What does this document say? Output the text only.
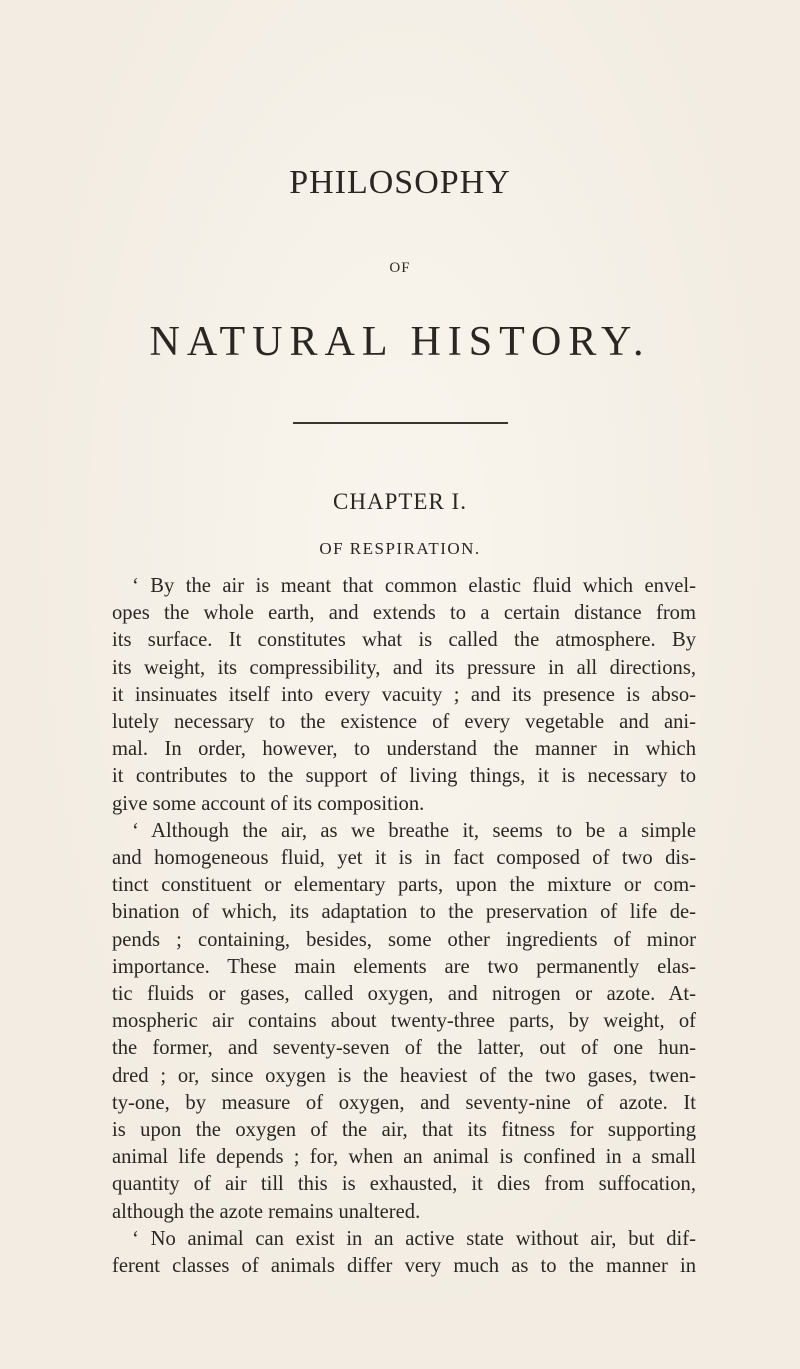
PHILOSOPHY
OF
NATURAL HISTORY.
CHAPTER I.
OF RESPIRATION.

‘ By the air is meant that common elastic fluid which envel-
opes the whole earth, and extends to a certain distance from
its surface. It constitutes what is called the atmosphere. By
its weight, its compressibility, and its pressure in all directions,
it insinuates itself into every vacuity ; and its presence is abso-
lutely necessary to the existence of every vegetable and ani-
mal. In order, however, to understand the manner in which
it contributes to the support of living things, it is necessary to
give some account of its composition.

‘ Although the air, as we breathe it, seems to be a simple
and homogeneous fluid, yet it is in fact composed of two dis-
tinct constituent or elementary parts, upon the mixture or com-
bination of which, its adaptation to the preservation of life de-
pends ; containing, besides, some other ingredients of minor
importance. These main elements are two permanently elas-
tic fluids or gases, called oxygen, and nitrogen or azote. At-
mospheric air contains about twenty-three parts, by weight, of
the former, and seventy-seven of the latter, out of one hun-
dred ; or, since oxygen is the heaviest of the two gases, twen-
ty-one, by measure of oxygen, and seventy-nine of azote. It
is upon the oxygen of the air, that its fitness for supporting
animal life depends ; for, when an animal is confined in a small
quantity of air till this is exhausted, it dies from suffocation,
although the azote remains unaltered.

‘ No animal can exist in an active state without air, but dif-
ferent classes of animals differ very much as to the manner in
